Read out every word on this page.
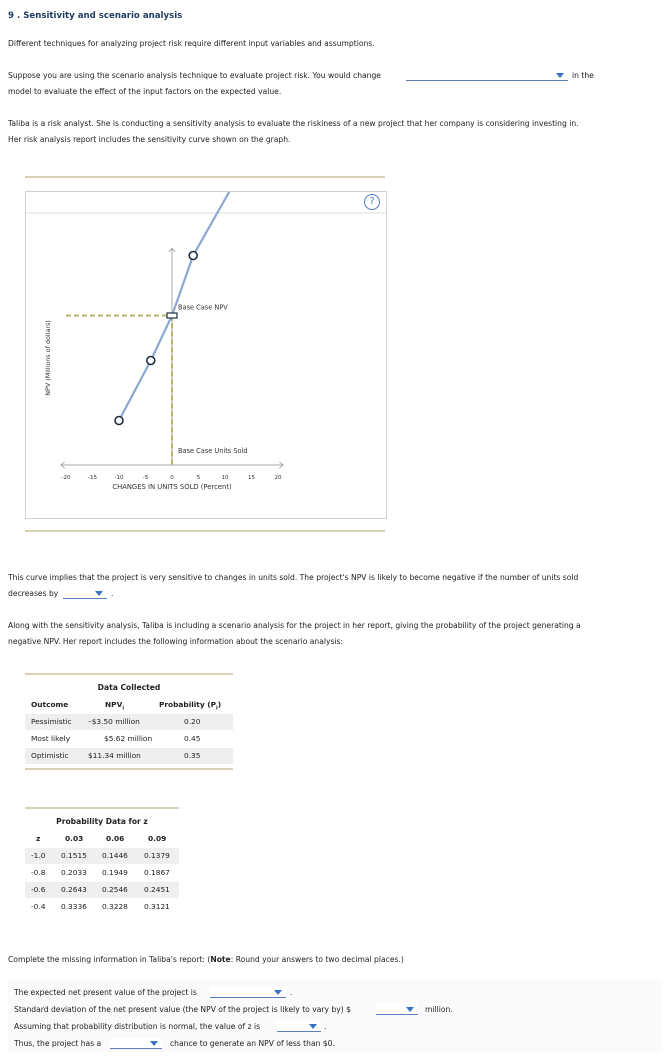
9 . Sensitivity and scenario analysis
Different techniques for analyzing project risk require different input variables and assumptions.
Suppose you are using the scenario analysis technique to evaluate project risk. You would change	in the
model to evaluate the effect of the input factors on the expected value.
Taliba is a risk analyst. She is conducting a sensitivity analysis to evaluate the riskiness of a new project that her company is considering investing in.
Her risk analysis report includes the sensitivity curve shown on the graph.
-20	-15	-10	-5	0	5	10	15	20
CHANGES IN UNITS SOLD (Percent)
NPV (Millions of dollars)
Base Case NPV
Base Case Units Sold
?
This curve implies that the project is very sensitive to changes in units sold. The project's NPV is likely to become negative if the number of units sold
decreases by	.
Along with the sensitivity analysis, Taliba is including a scenario analysis for the project in her report, giving the probability of the project generating a
negative NPV. Her report includes the following information about the scenario analysis:
Data Collected
Outcome	$NPV_i$	Probability $(P_i)$
Pessimistic –$3.50 million	0.20
Most likely	$5.62 million	0.45
Optimistic	$11.34 million	0.35
Probability Data for z
z	0.03	0.06	0.09
-1.0 0.1515 0.1446 0.1379
-0.8 0.2033 0.1949 0.1867
-0.6 0.2643 0.2546 0.2451
-0.4 0.3336 0.3228 0.3121
Complete the missing information in Taliba's report: (Note: Round your answers to two decimal places.)
The expected net present value of the project is	.
Standard deviation of the net present value (the NPV of the project is likely to vary by) $	million.
Assuming that probability distribution is normal, the value of z is	.
Thus, the project has a	chance to generate an NPV of less than $0.
